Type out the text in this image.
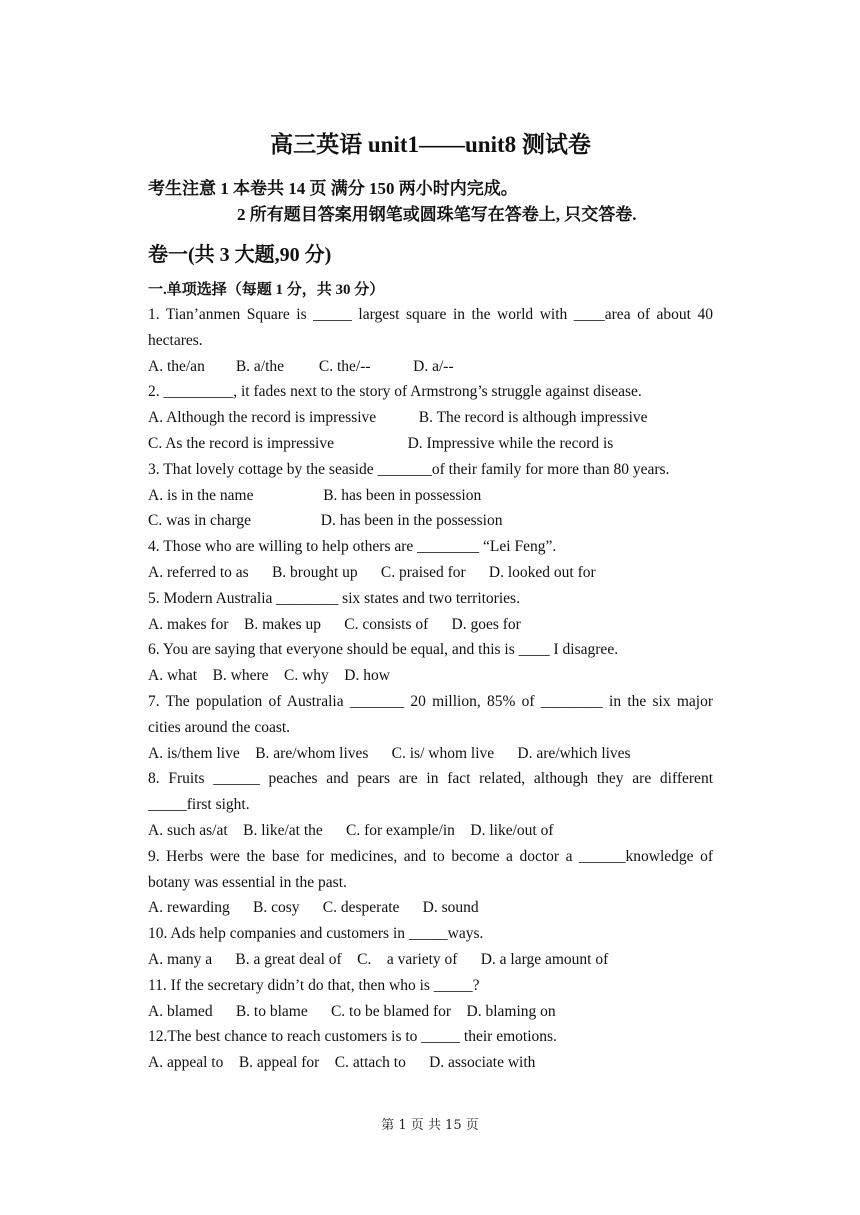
高三英语 unit1——unit8 测试卷
考生注意 1 本卷共 14 页 满分 150 两小时内完成。
2 所有题目答案用钢笔或圆珠笔写在答卷上, 只交答卷.
卷一(共 3 大题,90 分)
一.单项选择（每题 1 分，共 30 分）
1. Tian’anmen Square is _____ largest square in the world with ____area of about 40 hectares.
A. the/an        B. a/the         C. the/--           D. a/--
2. _________, it fades next to the story of Armstrong’s struggle against disease.
A. Although the record is impressive           B. The record is although impressive
C. As the record is impressive                   D. Impressive while the record is
3. That lovely cottage by the seaside _______of their family for more than 80 years.
A. is in the name                  B. has been in possession
C. was in charge                  D. has been in the possession
4. Those who are willing to help others are ________ “Lei Feng”.
A. referred to as      B. brought up      C. praised for      D. looked out for
5. Modern Australia ________ six states and two territories.
A. makes for    B. makes up      C. consists of      D. goes for
6. You are saying that everyone should be equal, and this is ____ I disagree.
A. what    B. where    C. why    D. how
7. The population of Australia _______ 20 million, 85% of ________ in the six major cities around the coast.
A. is/them live    B. are/whom lives      C. is/ whom live      D. are/which lives
8. Fruits ______ peaches and pears are in fact related, although they are different _____first sight.
A. such as/at    B. like/at the      C. for example/in    D. like/out of
9. Herbs were the base for medicines, and to become a doctor a ______knowledge of botany was essential in the past.
A. rewarding      B. cosy      C. desperate      D. sound
10. Ads help companies and customers in _____ways.
A. many a      B. a great deal of    C.    a variety of      D. a large amount of
11. If the secretary didn’t do that, then who is _____?
A. blamed      B. to blame      C. to be blamed for    D. blaming on
12.The best chance to reach customers is to _____ their emotions.
A. appeal to    B. appeal for    C. attach to      D. associate with
第 1 页 共 15 页
